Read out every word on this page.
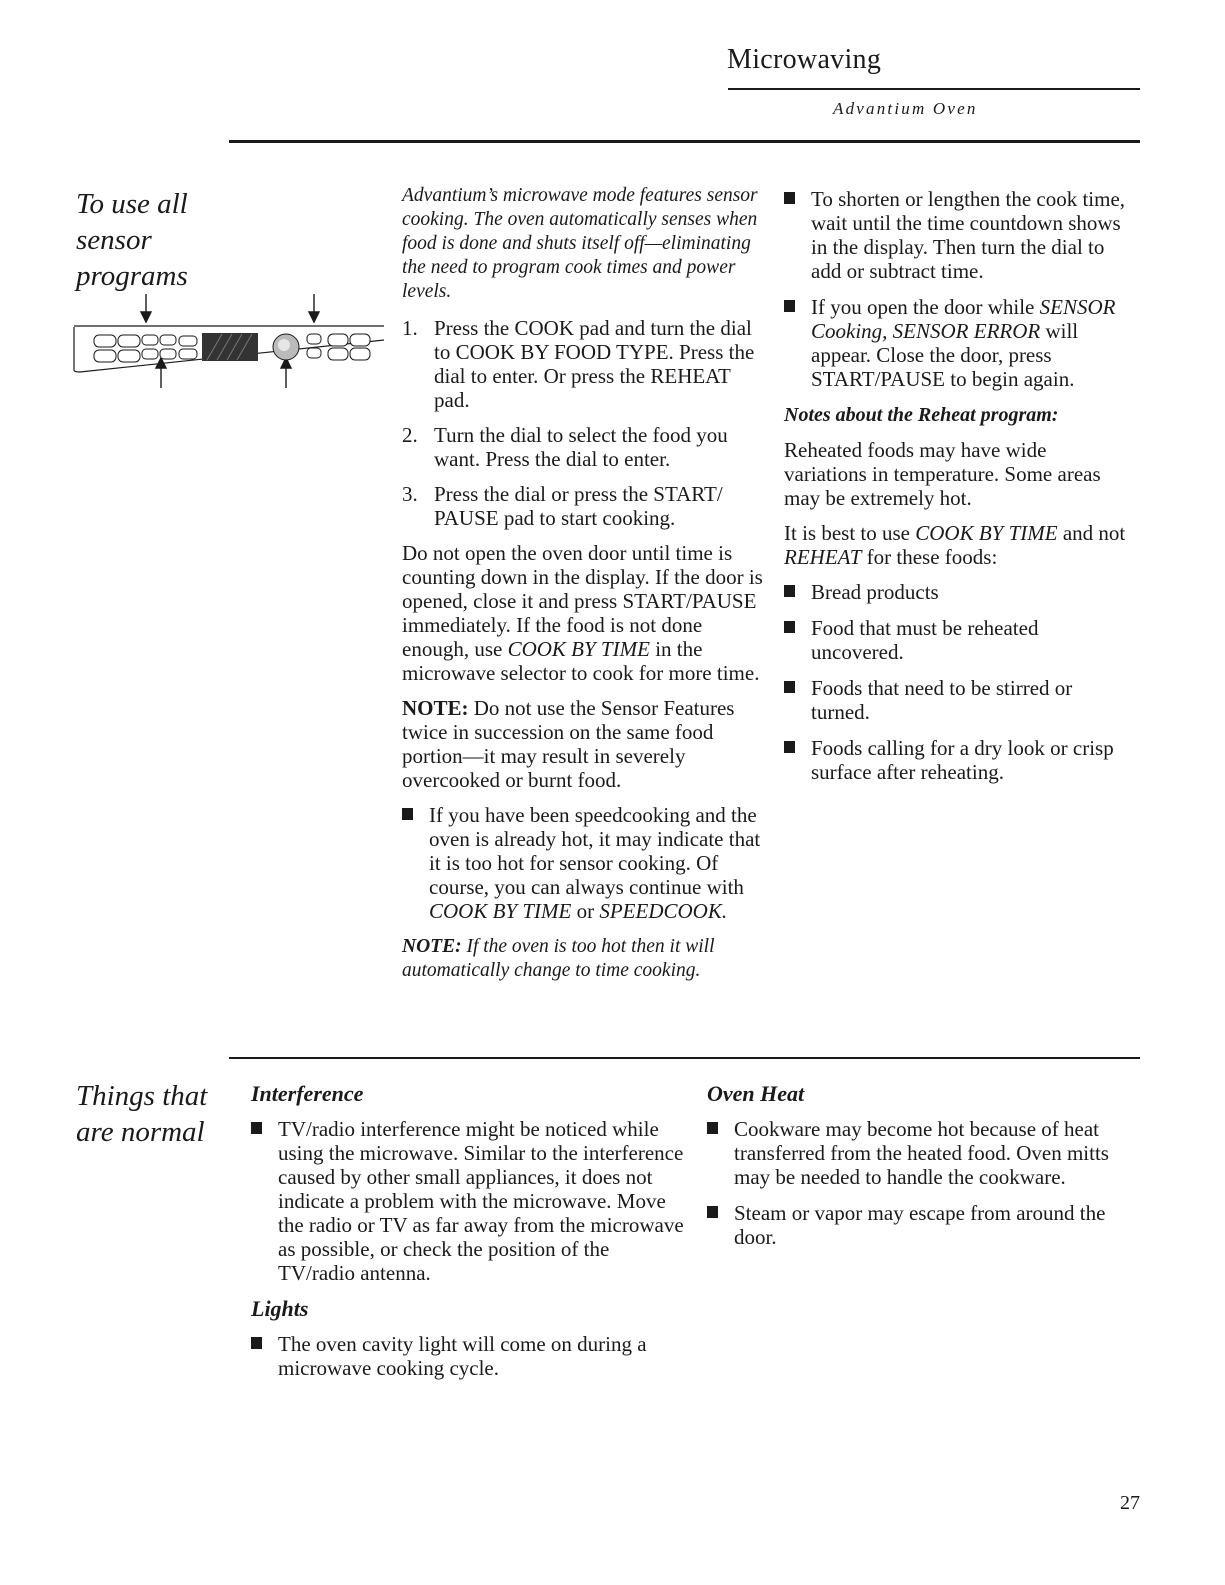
Microwaving
Advantium Oven
To use all
sensor
programs

Advantium’s microwave mode features sensor cooking. The oven automatically senses when food is done and shuts itself off—eliminating the need to program cook times and power levels.

1. Press the COOK pad and turn the dial to COOK BY FOOD TYPE. Press the dial to enter. Or press the REHEAT pad.
2. Turn the dial to select the food you want. Press the dial to enter.
3. Press the dial or press the START/ PAUSE pad to start cooking.

Do not open the oven door until time is counting down in the display. If the door is opened, close it and press START/PAUSE immediately. If the food is not done enough, use COOK BY TIME in the microwave selector to cook for more time.

NOTE: Do not use the Sensor Features twice in succession on the same food portion—it may result in severely overcooked or burnt food.

If you have been speedcooking and the oven is already hot, it may indicate that it is too hot for sensor cooking. Of course, you can always continue with COOK BY TIME or SPEEDCOOK.

NOTE: If the oven is too hot then it will automatically change to time cooking.

To shorten or lengthen the cook time, wait until the time countdown shows in the display. Then turn the dial to add or subtract time.
If you open the door while SENSOR Cooking, SENSOR ERROR will appear. Close the door, press START/PAUSE to begin again.

Notes about the Reheat program:

Reheated foods may have wide variations in temperature. Some areas may be extremely hot.

It is best to use COOK BY TIME and not REHEAT for these foods:

Bread products
Food that must be reheated uncovered.
Foods that need to be stirred or turned.
Foods calling for a dry look or crisp surface after reheating.
Things that
are normal

Interference

TV/radio interference might be noticed while using the microwave. Similar to the interference caused by other small appliances, it does not indicate a problem with the microwave. Move the radio or TV as far away from the microwave as possible, or check the position of the TV/radio antenna.

Lights

The oven cavity light will come on during a microwave cooking cycle.

Oven Heat

Cookware may become hot because of heat transferred from the heated food. Oven mitts may be needed to handle the cookware.
Steam or vapor may escape from around the door.
27
